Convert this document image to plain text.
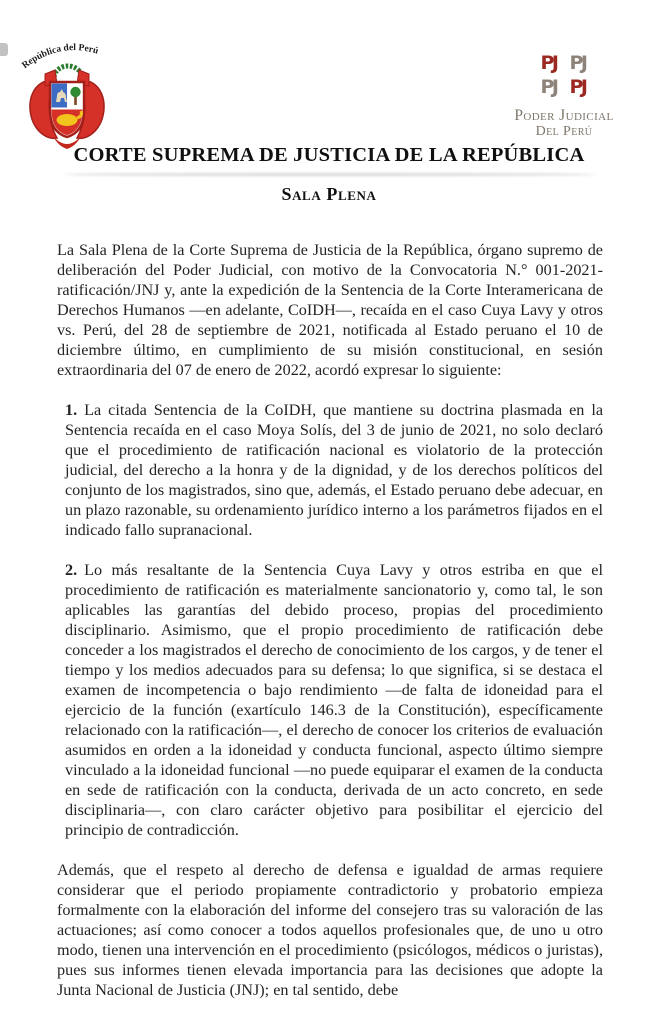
República del Perú
PJ PJ
PJ PJ
Poder Judicial
Del Perú
CORTE SUPREMA DE JUSTICIA DE LA REPÚBLICA
Sala Plena

La Sala Plena de la Corte Suprema de Justicia de la República, órgano supremo de deliberación del Poder Judicial, con motivo de la Convocatoria N.° 001-2021-ratificación/JNJ y, ante la expedición de la Sentencia de la Corte Interamericana de Derechos Humanos —en adelante, CoIDH—, recaída en el caso Cuya Lavy y otros vs. Perú, del 28 de septiembre de 2021, notificada al Estado peruano el 10 de diciembre último, en cumplimiento de su misión constitucional, en sesión extraordinaria del 07 de enero de 2022, acordó expresar lo siguiente:

1. La citada Sentencia de la CoIDH, que mantiene su doctrina plasmada en la Sentencia recaída en el caso Moya Solís, del 3 de junio de 2021, no solo declaró que el procedimiento de ratificación nacional es violatorio de la protección judicial, del derecho a la honra y de la dignidad, y de los derechos políticos del conjunto de los magistrados, sino que, además, el Estado peruano debe adecuar, en un plazo razonable, su ordenamiento jurídico interno a los parámetros fijados en el indicado fallo supranacional.

2. Lo más resaltante de la Sentencia Cuya Lavy y otros estriba en que el procedimiento de ratificación es materialmente sancionatorio y, como tal, le son aplicables las garantías del debido proceso, propias del procedimiento disciplinario. Asimismo, que el propio procedimiento de ratificación debe conceder a los magistrados el derecho de conocimiento de los cargos, y de tener el tiempo y los medios adecuados para su defensa; lo que significa, si se destaca el examen de incompetencia o bajo rendimiento —de falta de idoneidad para el ejercicio de la función (exartículo 146.3 de la Constitución), específicamente relacionado con la ratificación—, el derecho de conocer los criterios de evaluación asumidos en orden a la idoneidad y conducta funcional, aspecto último siempre vinculado a la idoneidad funcional —no puede equiparar el examen de la conducta en sede de ratificación con la conducta, derivada de un acto concreto, en sede disciplinaria—, con claro carácter objetivo para posibilitar el ejercicio del principio de contradicción.

Además, que el respeto al derecho de defensa e igualdad de armas requiere considerar que el periodo propiamente contradictorio y probatorio empieza formalmente con la elaboración del informe del consejero tras su valoración de las actuaciones; así como conocer a todos aquellos profesionales que, de uno u otro modo, tienen una intervención en el procedimiento (psicólogos, médicos o juristas), pues sus informes tienen elevada importancia para las decisiones que adopte la Junta Nacional de Justicia (JNJ); en tal sentido, debe
